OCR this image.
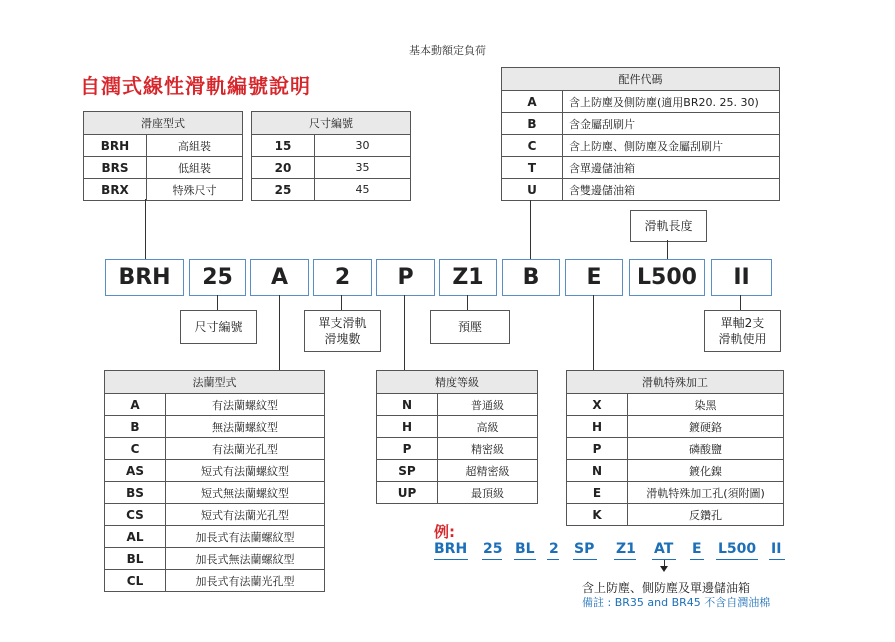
基本動額定負荷
自潤式線性滑軌編號說明
滑座型式	
BRH	高組裝
BRS	低組裝
BRX	特殊尺寸
尺寸編號	
15	30
20	35
25	45
配件代碼	
A	含上防塵及側防塵(適用BR20. 25. 30)
B	含金屬刮刷片
C	含上防塵、側防塵及金屬刮刷片
T	含單邊儲油箱
U	含雙邊儲油箱
滑軌長度
BRH	25	A	2	P	Z1	B	E	L500	II
尺寸編號	單支滑軌
滑塊數
預壓	單軸2支
滑軌使用
法蘭型式	
A	有法蘭螺紋型
B	無法蘭螺紋型
C	有法蘭光孔型
AS	短式有法蘭螺紋型
BS	短式無法蘭螺紋型
CS	短式有法蘭光孔型
AL	加長式有法蘭螺紋型
BL	加長式無法蘭螺紋型
CL	加長式有法蘭光孔型
精度等級	
N	普通級
H	高級
P	精密級
SP	超精密級
UP	最頂級
滑軌特殊加工	
X	染黑
H	鍍硬鉻
P	磷酸鹽
N	鍍化鎳
E	滑軌特殊加工孔(須附圖)
K	反鑽孔
例:
BRH 25 BL 2 SP Z1 AT E L500 II
含上防塵、側防塵及單邊儲油箱
備註 : BR35 and BR45 不含自潤油棉
